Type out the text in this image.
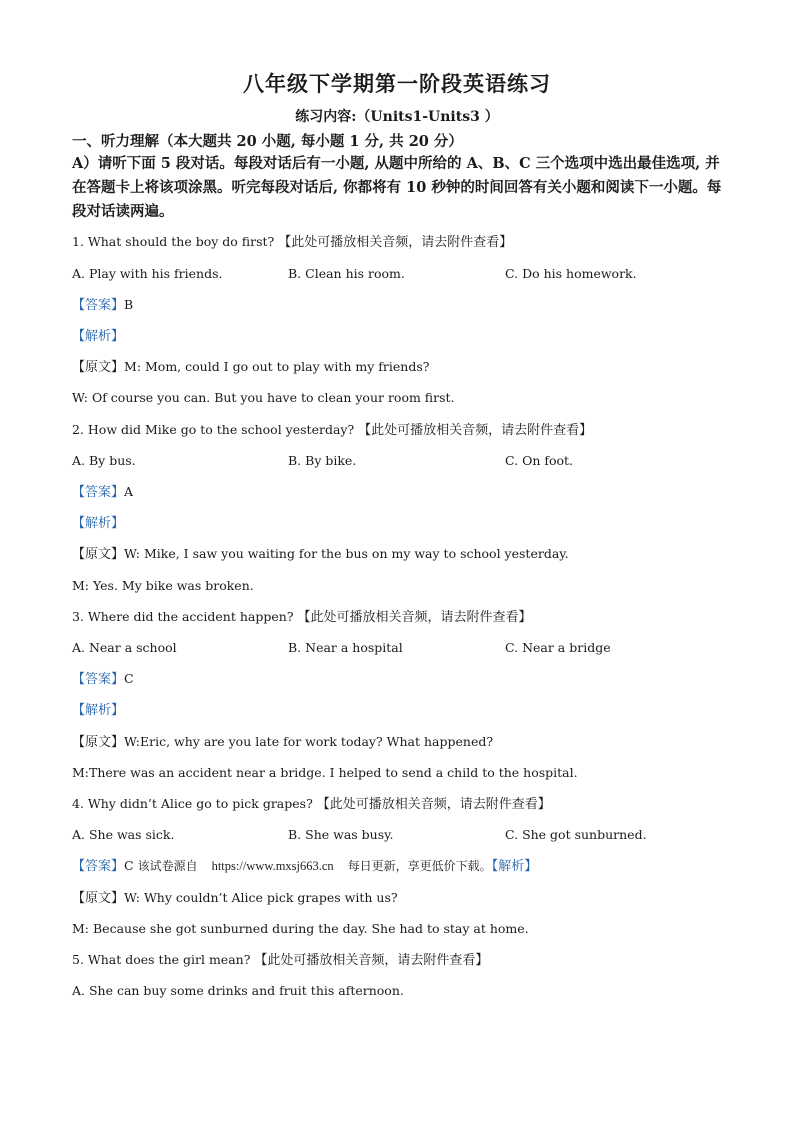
八年级下学期第一阶段英语练习
练习内容:（Units1-Units3 ）
一、听力理解（本大题共 20 小题, 每小题 1 分, 共 20 分）
A）请听下面 5 段对话。每段对话后有一小题, 从题中所给的 A、B、C 三个选项中选出最佳选项, 并在答题卡上将该项涂黑。听完每段对话后, 你都将有 10 秒钟的时间回答有关小题和阅读下一小题。每段对话读两遍。
1. What should the boy do first? 【此处可播放相关音频，请去附件查看】
A. Play with his friends.	B. Clean his room.	C. Do his homework.
【答案】B
【解析】
【原文】M: Mom, could I go out to play with my friends?
W: Of course you can. But you have to clean your room first.
2. How did Mike go to the school yesterday? 【此处可播放相关音频，请去附件查看】
A. By bus.	B. By bike.	C. On foot.
【答案】A
【解析】
【原文】W: Mike, I saw you waiting for the bus on my way to school yesterday.
M: Yes. My bike was broken.
3. Where did the accident happen? 【此处可播放相关音频，请去附件查看】
A. Near a school	B. Near a hospital	C. Near a bridge
【答案】C
【解析】
【原文】W:Eric, why are you late for work today? What happened?
M:There was an accident near a bridge. I helped to send a child to the hospital.
4. Why didn’t Alice go to pick grapes? 【此处可播放相关音频，请去附件查看】
A. She was sick.	B. She was busy.	C. She got sunburned.
【答案】C 该试卷源自 https://www.mxsj663.cn 每日更新，享更低价下载。【解析】
【原文】W: Why couldn’t Alice pick grapes with us?
M: Because she got sunburned during the day. She had to stay at home.
5. What does the girl mean? 【此处可播放相关音频，请去附件查看】
A. She can buy some drinks and fruit this afternoon.
